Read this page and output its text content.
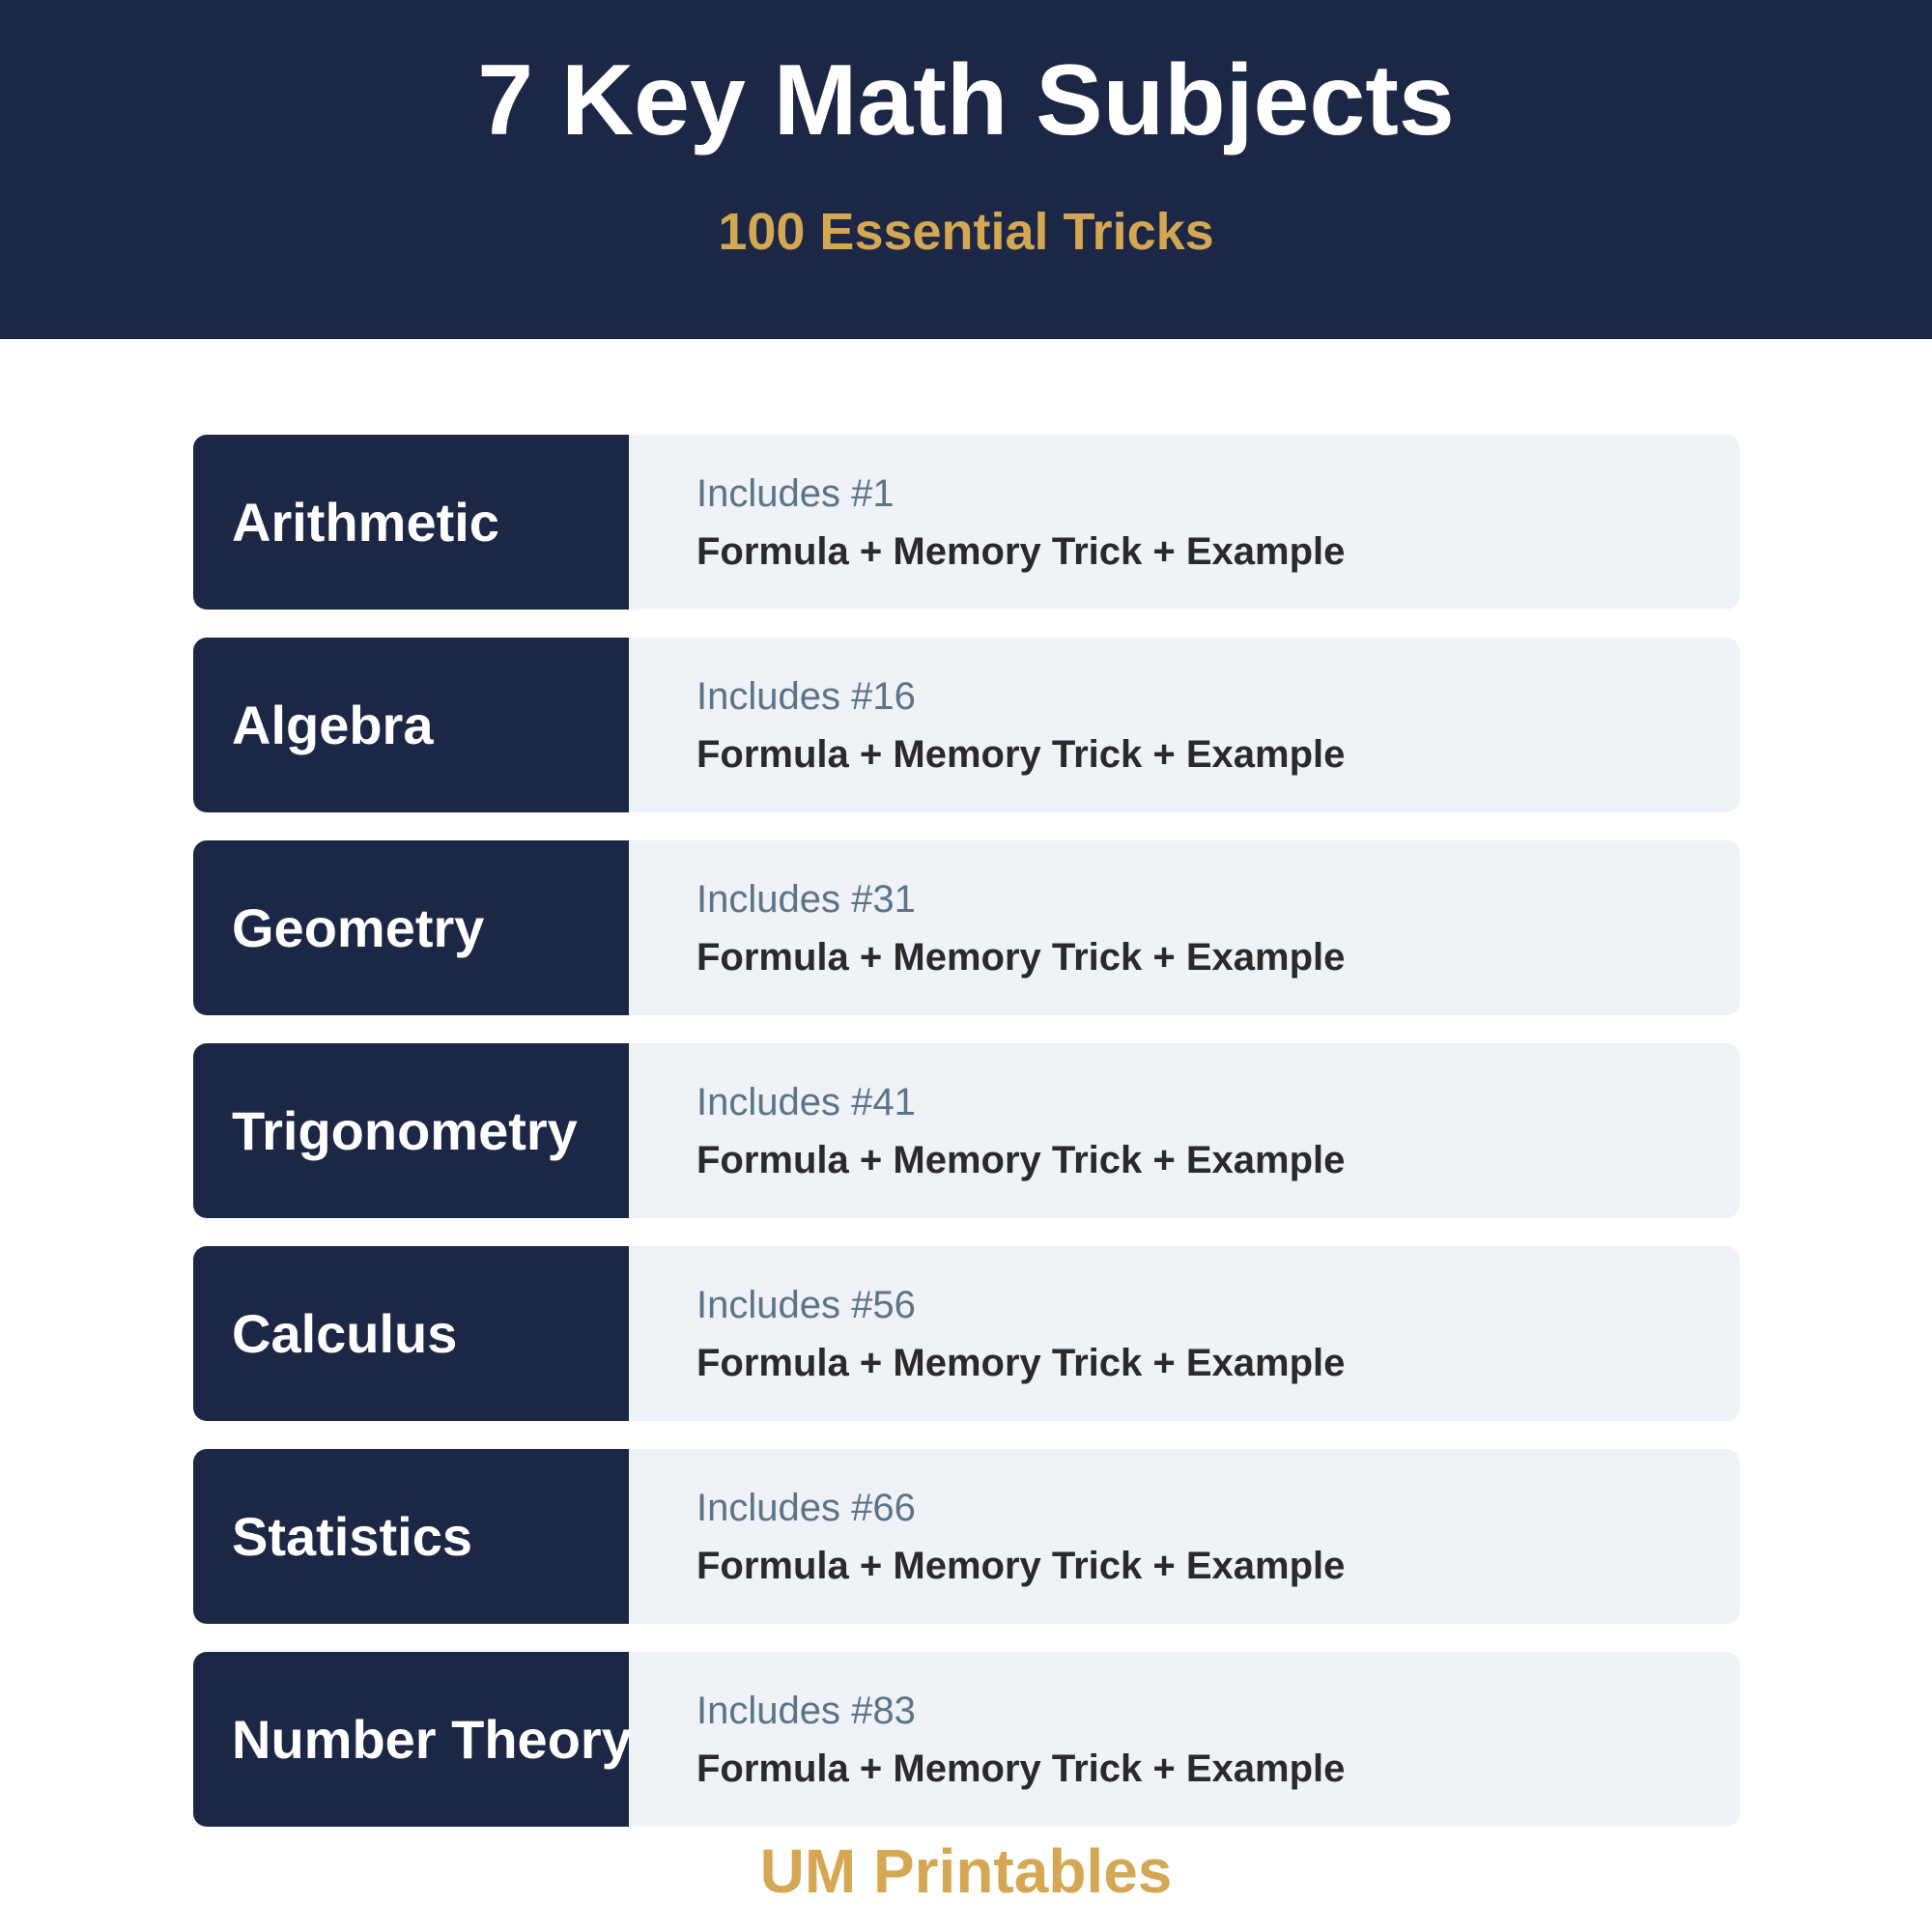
7 Key Math Subjects
100 Essential Tricks
Arithmetic	Includes #1
Formula + Memory Trick + Example
Algebra	Includes #16
Formula + Memory Trick + Example
Geometry	Includes #31
Formula + Memory Trick + Example
Trigonometry	Includes #41
Formula + Memory Trick + Example
Calculus	Includes #56
Formula + Memory Trick + Example
Statistics	Includes #66
Formula + Memory Trick + Example
Number Theory Includes #83
Formula + Memory Trick + Example
UM Printables
